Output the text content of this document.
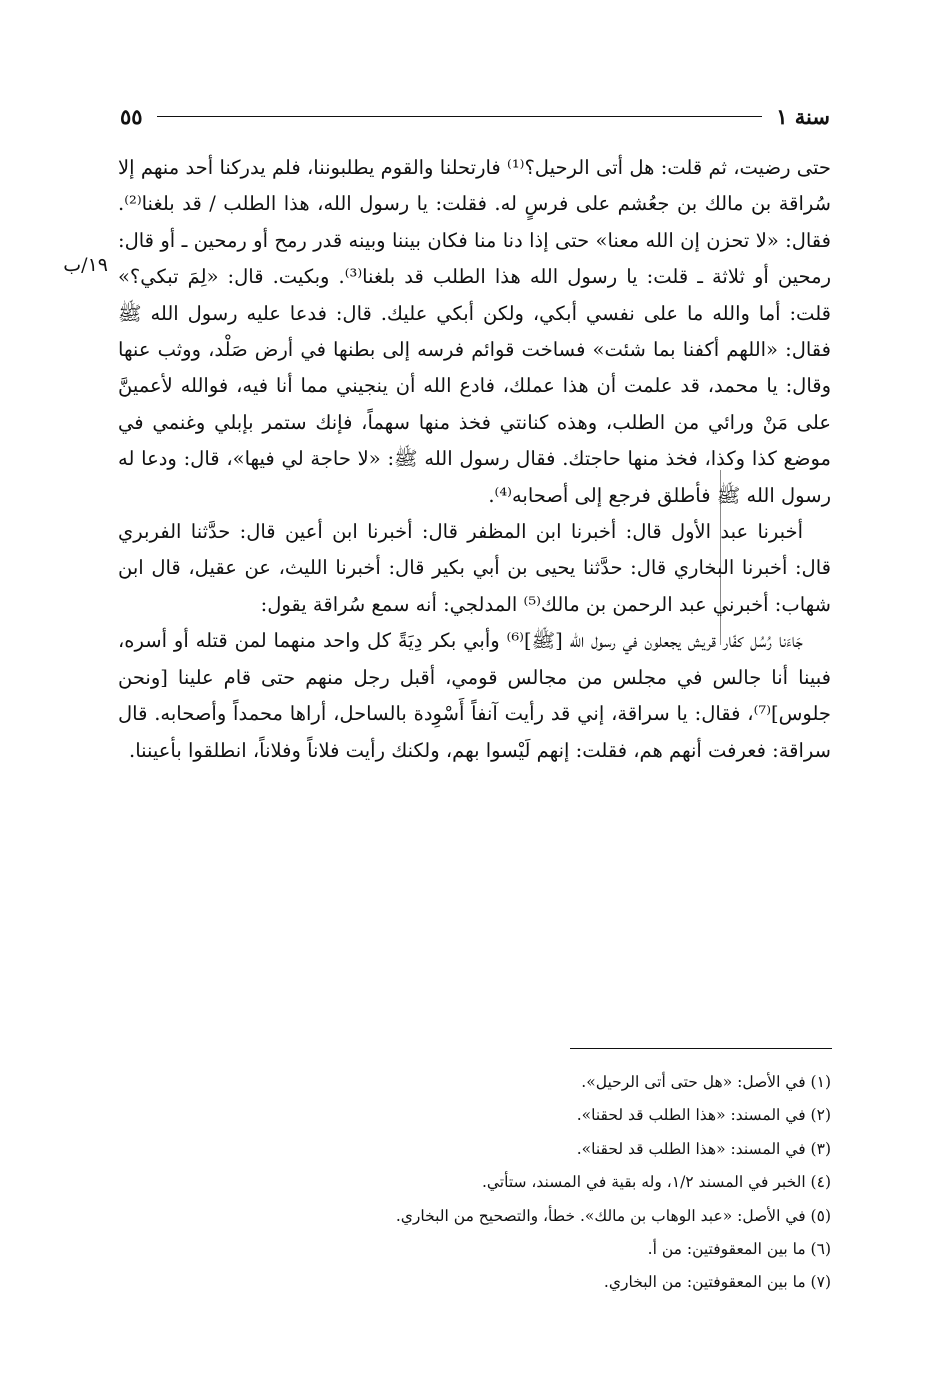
سنة ١
٥٥
١٩/ب

حتى رضيت، ثم قلت: هل أتى الرحيل؟⁽¹⁾ فارتحلنا والقوم يطلبوننا، فلم يدركنا أحد منهم إلا سُراقة بن مالك بن جعُشم على فرسٍ له. فقلت: يا رسول الله، هذا الطلب / قد بلغنا⁽²⁾. فقال: «لا تحزن إن الله معنا» حتى إذا دنا منا فكان بيننا وبينه قدر رمح أو رمحين ـ أو قال: رمحين أو ثلاثة ـ قلت: يا رسول الله هذا الطلب قد بلغنا⁽³⁾. وبكيت. قال: «لِمَ تبكي؟» قلت: أما والله ما على نفسي أبكي، ولكن أبكي عليك. قال: فدعا عليه رسول الله ﷺ فقال: «اللهم أكفنا بما شئت» فساخت قوائم فرسه إلى بطنها في أرض صَلْد، ووثب عنها وقال: يا محمد، قد علمت أن هذا عملك، فادع الله أن ينجيني مما أنا فيه، فوالله لأعمينَّ على مَنْ ورائي من الطلب، وهذه كنانتي فخذ منها سهماً، فإنك ستمر بإبلي وغنمي في موضع كذا وكذا، فخذ منها حاجتك. فقال رسول الله ﷺ: «لا حاجة لي فيها»، قال: ودعا له رسول الله ﷺ فأطلق فرجع إلى أصحابه⁽⁴⁾.

أخبرنا عبد الأول قال: أخبرنا ابن المظفر قال: أخبرنا ابن أعين قال: حدَّثنا الفربري قال: أخبرنا البخاري قال: حدَّثنا يحيى بن أبي بكير قال: أخبرنا الليث، عن عقيل، قال ابن شهاب: أخبرني عبد الرحمن بن مالك⁽⁵⁾ المدلجي: أنه سمع سُراقة يقول:

جَاءَنا رُسُل كفّار قريش يجعلون في رسول الله [ﷺ]⁽⁶⁾ وأبي بكر دِيَةً كل واحد منهما لمن قتله أو أسره، فبينا أنا جالس في مجلس من مجالس قومي، أقبل رجل منهم حتى قام علينا [ونحن جلوس]⁽⁷⁾، فقال: يا سراقة، إني قد رأيت آنفاً أَسْوِدة بالساحل، أراها محمداً وأصحابه. قال سراقة: فعرفت أنهم هم، فقلت: إنهم لَيْسوا بهم، ولكنك رأيت فلاناً وفلاناً، انطلقوا بأعيننا.

(١) في الأصل: «هل حتى أتى الرحيل».

(٢) في المسند: «هذا الطلب قد لحقنا».

(٣) في المسند: «هذا الطلب قد لحقنا».

(٤) الخبر في المسند ١/٢، وله بقية في المسند، ستأتي.

(٥) في الأصل: «عبد الوهاب بن مالك». خطأ، والتصحيح من البخاري.

(٦) ما بين المعقوفتين: من أ.

(٧) ما بين المعقوفتين: من البخاري.
